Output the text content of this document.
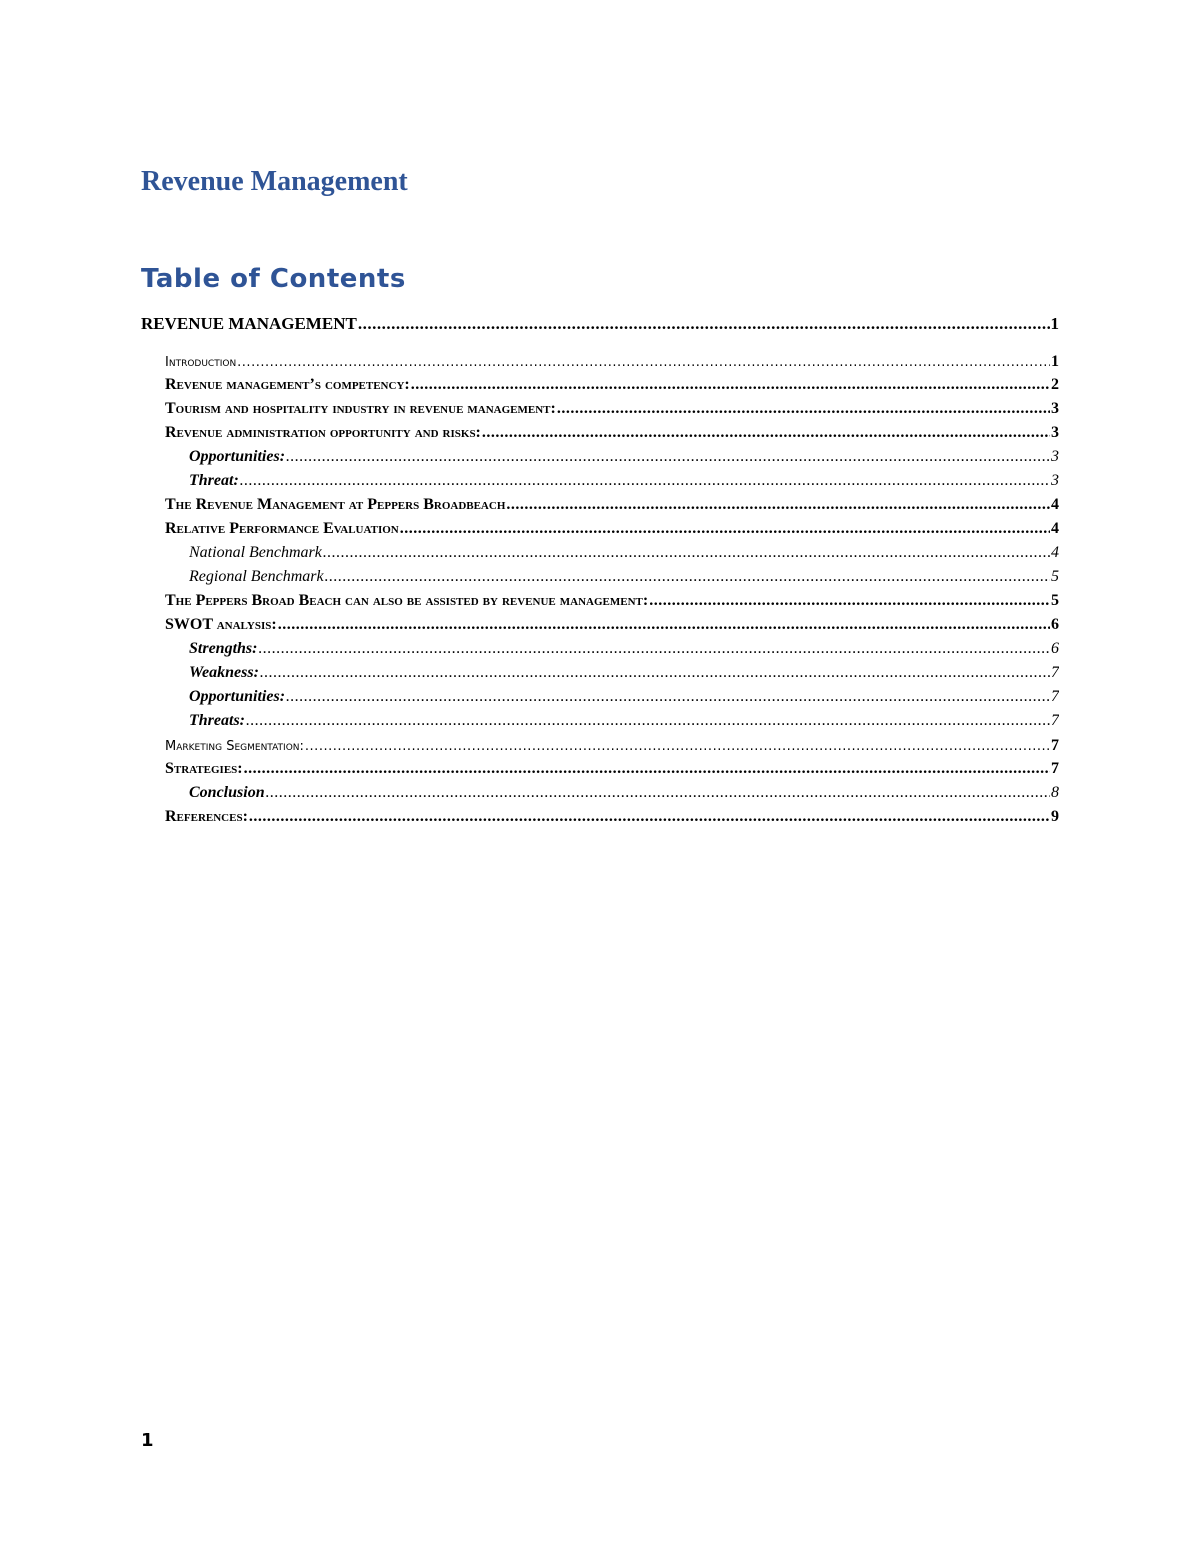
Revenue Management
Table of Contents
REVENUE MANAGEMENT .....	1
Introduction .....	1
Revenue management’s competency: .....	2
Tourism and hospitality industry in revenue management: .....	3
Revenue administration opportunity and risks: .....	3
Opportunities: .....	3
Threat: .....	3
The Revenue Management at Peppers Broadbeach .....	4
Relative Performance Evaluation .....	4
National Benchmark .....	4
Regional Benchmark .....	5
The Peppers Broad Beach can also be assisted by revenue management: .....	5
SWOT analysis: .....	6
Strengths: .....	6
Weakness: .....	7
Opportunities: .....	7
Threats: .....	7
Marketing Segmentation: .....	7
Strategies: .....	7
Conclusion .....	8
References: .....	9
1
